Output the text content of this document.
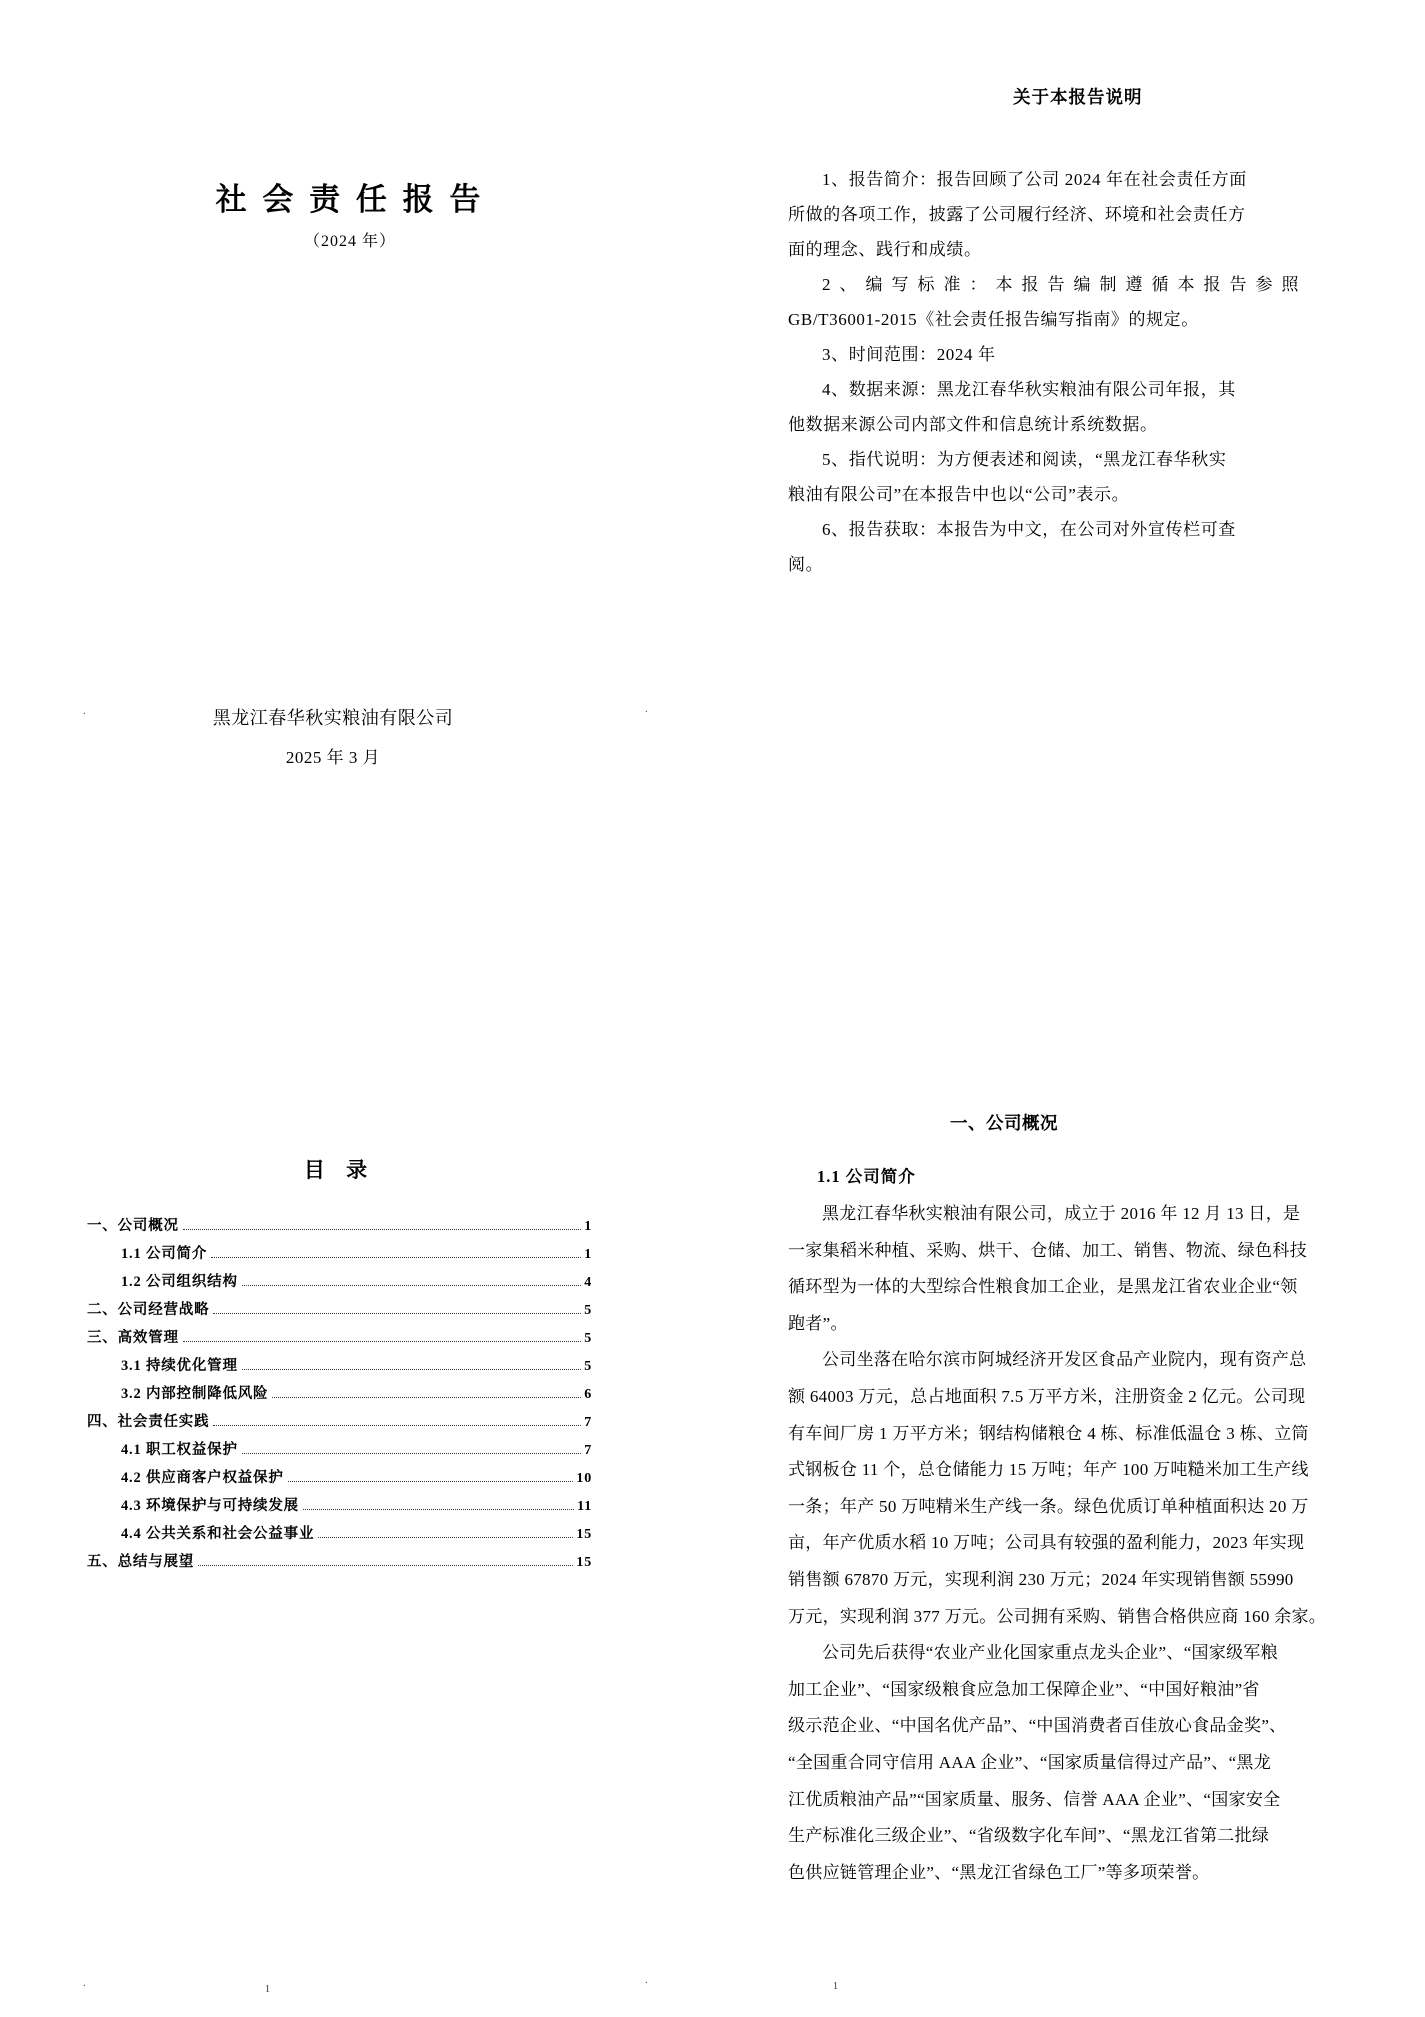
社 会 责 任 报 告
（2024 年）
黑龙江春华秋实粮油有限公司
2025 年 3 月
关于本报告说明
1、报告简介：报告回顾了公司 2024 年在社会责任方面
所做的各项工作，披露了公司履行经济、环境和社会责任方
面的理念、践行和成绩。
2、编写标准：本报告编制遵循本报告参照
GB/T36001-2015《社会责任报告编写指南》的规定。
3、时间范围：2024 年
4、数据来源：黑龙江春华秋实粮油有限公司年报，其
他数据来源公司内部文件和信息统计系统数据。
5、指代说明：为方便表述和阅读，“黑龙江春华秋实
粮油有限公司”在本报告中也以“公司”表示。
6、报告获取：本报告为中文，在公司对外宣传栏可查
阅。
目 录
一、公司概况	1
1.1 公司简介	1
1.2 公司组织结构	4
二、公司经营战略	5
三、高效管理	5
3.1 持续优化管理	5
3.2 内部控制降低风险	6
四、社会责任实践	7
4.1 职工权益保护	7
4.2 供应商客户权益保护	10
4.3 环境保护与可持续发展	11
4.4 公共关系和社会公益事业	15
五、总结与展望	15
一、公司概况
1.1 公司简介
黑龙江春华秋实粮油有限公司，成立于 2016 年 12 月 13 日，是
一家集稻米种植、采购、烘干、仓储、加工、销售、物流、绿色科技
循环型为一体的大型综合性粮食加工企业，是黑龙江省农业企业“领
跑者”。
公司坐落在哈尔滨市阿城经济开发区食品产业院内，现有资产总
额 64003 万元，总占地面积 7.5 万平方米，注册资金 2 亿元。公司现
有车间厂房 1 万平方米；钢结构储粮仓 4 栋、标准低温仓 3 栋、立筒
式钢板仓 11 个，总仓储能力 15 万吨；年产 100 万吨糙米加工生产线
一条；年产 50 万吨精米生产线一条。绿色优质订单种植面积达 20 万
亩，年产优质水稻 10 万吨；公司具有较强的盈利能力，2023 年实现
销售额 67870 万元，实现利润 230 万元；2024 年实现销售额 55990
万元，实现利润 377 万元。公司拥有采购、销售合格供应商 160 余家。
公司先后获得“农业产业化国家重点龙头企业”、“国家级军粮
加工企业”、“国家级粮食应急加工保障企业”、“中国好粮油”省
级示范企业、“中国名优产品”、“中国消费者百佳放心食品金奖”、
“全国重合同守信用 AAA 企业”、“国家质量信得过产品”、“黑龙
江优质粮油产品”“国家质量、服务、信誉 AAA 企业”、“国家安全
生产标准化三级企业”、“省级数字化车间”、“黑龙江省第二批绿
色供应链管理企业”、“黑龙江省绿色工厂”等多项荣誉。
.	.
.	.
1	1
